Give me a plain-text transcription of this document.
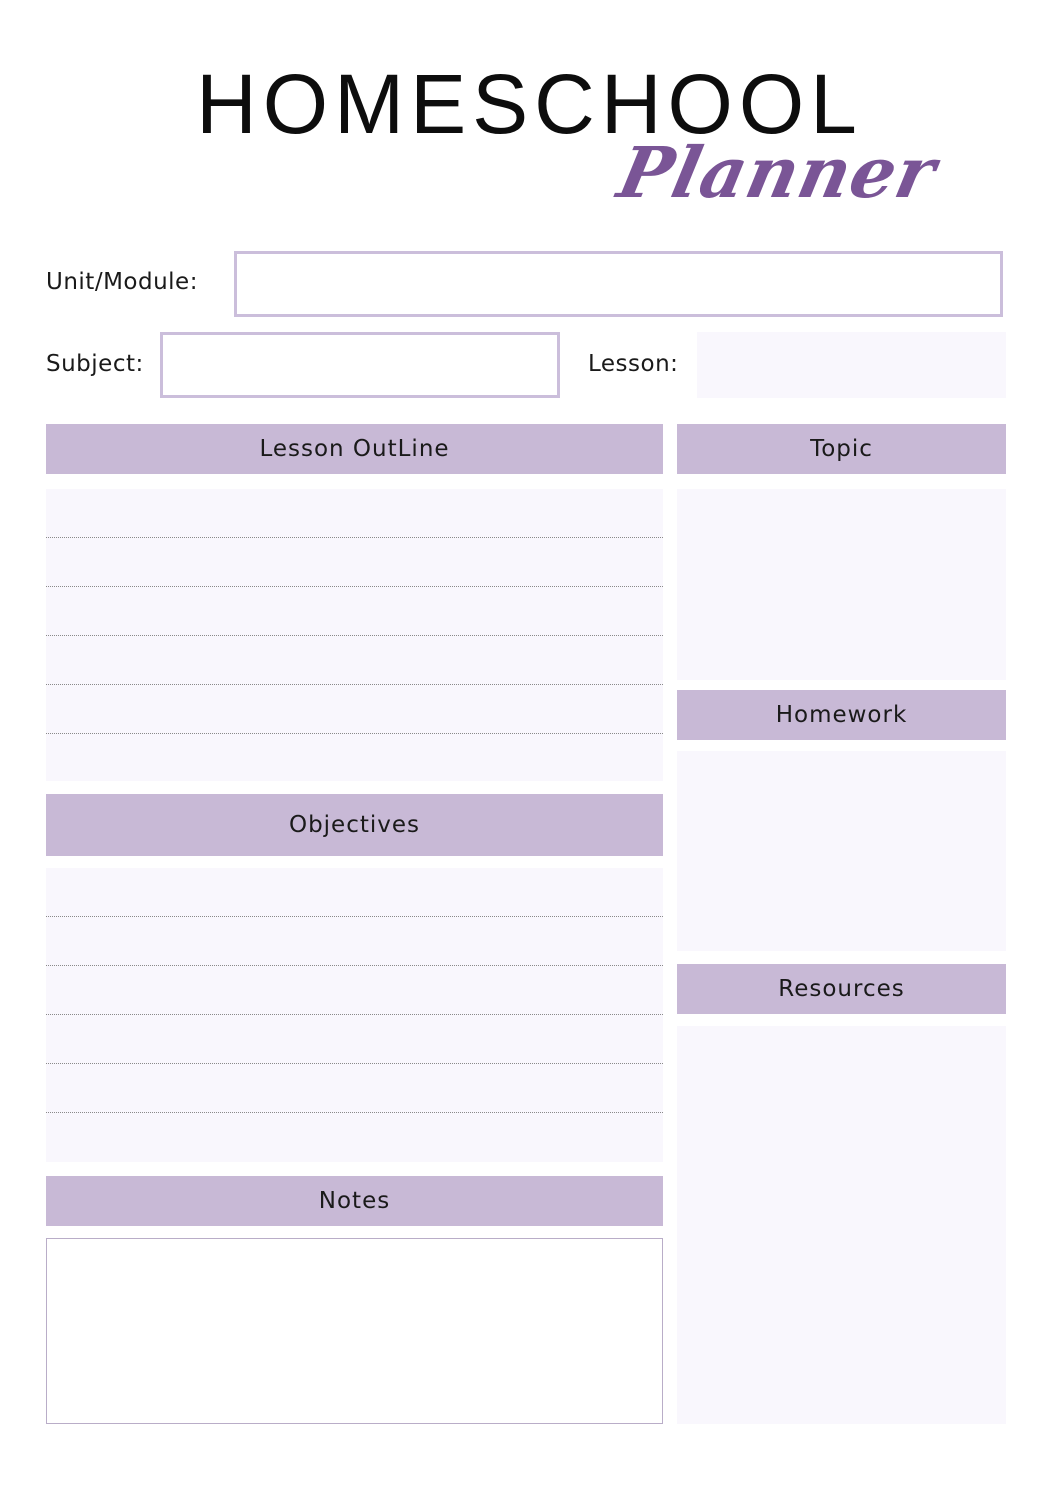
HOMESCHOOL
Planner
Unit/Module:
Subject:	Lesson:
Lesson OutLine	Topic
Homework
Objectives
Resources
Notes
